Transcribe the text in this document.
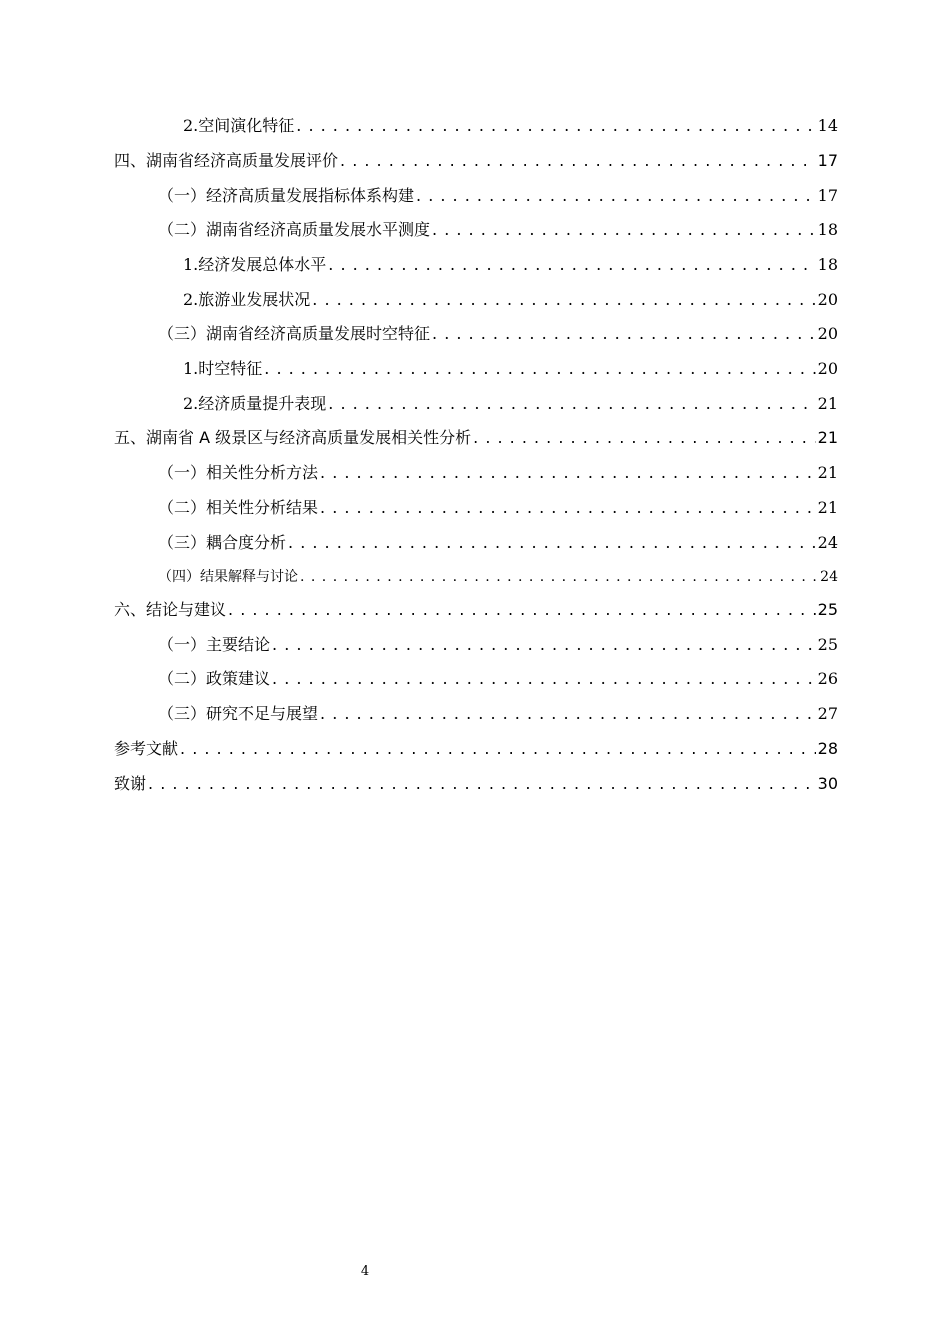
2. 空间演化特征 . . .	14
四、 湖南省经济高质量发展评价 . . .	17
（一） 经济高质量发展指标体系构建 . . .	17
（二） 湖南省经济高质量发展水平测度 . . .	18
1. 经济发展总体水平 . . .	18
2. 旅游业发展状况 . . .	20
（三） 湖南省经济高质量发展时空特征 . . .	20
1. 时空特征 . . .	20
2. 经济质量提升表现 . . .	21
五、 湖南省 A 级景区与经济高质量发展相关性分析 . . .	21
（一） 相关性分析方法 . . .	21
（二） 相关性分析结果 . . .	21
（三） 耦合度分析 . . .	24
（四） 结果解释与讨论 . . .	24
六、 结论与建议 . . .	25
（一） 主要结论 . . .	25
（二） 政策建议 . . .	26
（三） 研究不足与展望 . . .	27
参考文献 . . .	28
致谢 . . .	30
4
